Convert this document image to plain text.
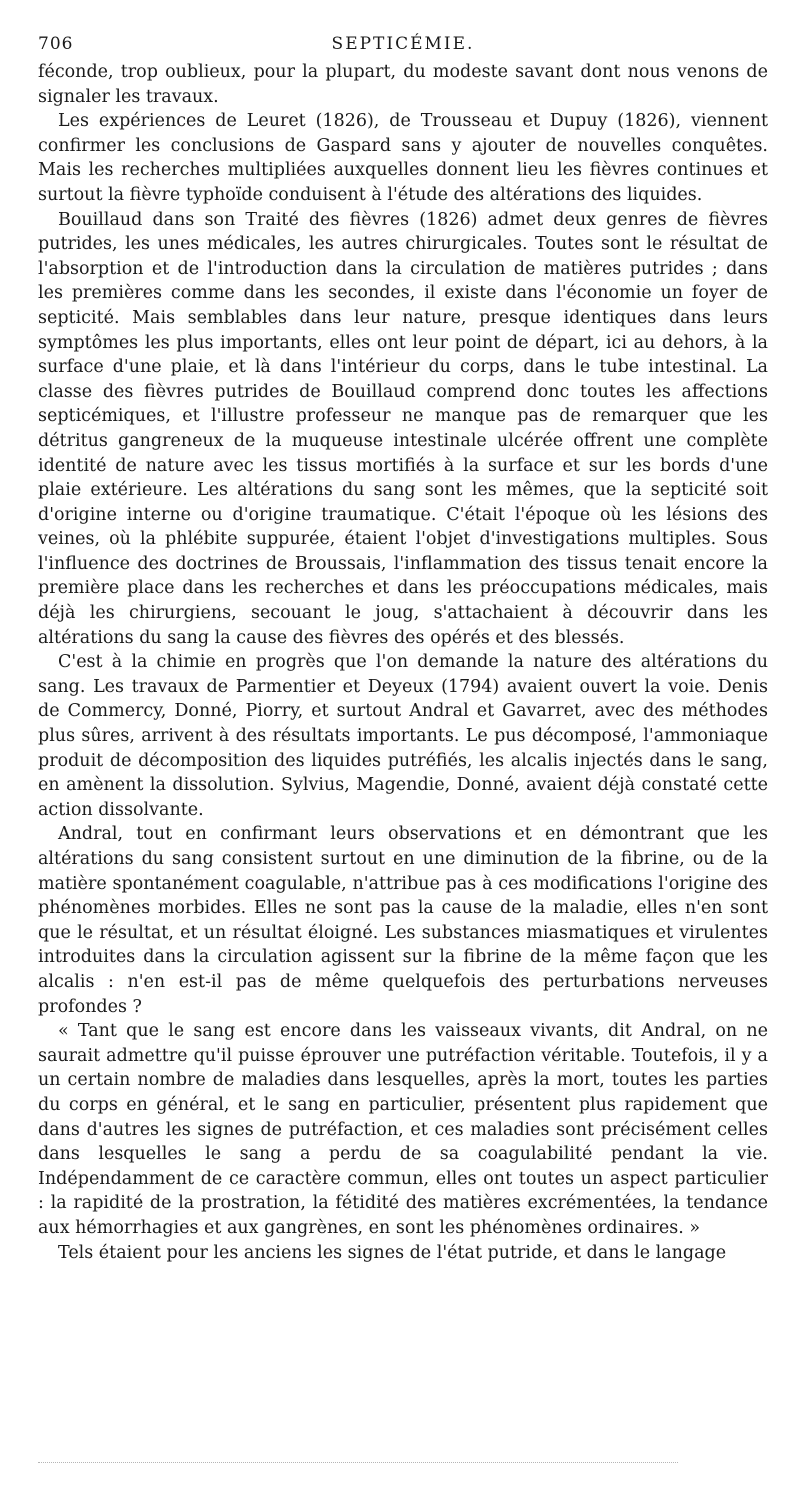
706	SEPTICÉMIE.

féconde, trop oublieux, pour la plupart, du modeste savant dont nous venons de signaler les travaux.

Les expériences de Leuret (1826), de Trousseau et Dupuy (1826), viennent confirmer les conclusions de Gaspard sans y ajouter de nouvelles conquêtes. Mais les recherches multipliées auxquelles donnent lieu les fièvres continues et surtout la fièvre typhoïde conduisent à l'étude des altérations des liquides.

Bouillaud dans son Traité des fièvres (1826) admet deux genres de fièvres putrides, les unes médicales, les autres chirurgicales. Toutes sont le résultat de l'absorption et de l'introduction dans la circulation de matières putrides ; dans les premières comme dans les secondes, il existe dans l'économie un foyer de septicité. Mais semblables dans leur nature, presque identiques dans leurs symptômes les plus importants, elles ont leur point de départ, ici au dehors, à la surface d'une plaie, et là dans l'intérieur du corps, dans le tube intestinal. La classe des fièvres putrides de Bouillaud comprend donc toutes les affections septicémiques, et l'illustre professeur ne manque pas de remarquer que les détritus gangreneux de la muqueuse intestinale ulcérée offrent une complète identité de nature avec les tissus mortifiés à la surface et sur les bords d'une plaie extérieure. Les altérations du sang sont les mêmes, que la septicité soit d'origine interne ou d'origine traumatique. C'était l'époque où les lésions des veines, où la phlébite suppurée, étaient l'objet d'investigations multiples. Sous l'influence des doctrines de Broussais, l'inflammation des tissus tenait encore la première place dans les recherches et dans les préoccupations médicales, mais déjà les chirurgiens, secouant le joug, s'attachaient à découvrir dans les altérations du sang la cause des fièvres des opérés et des blessés.

C'est à la chimie en progrès que l'on demande la nature des altérations du sang. Les travaux de Parmentier et Deyeux (1794) avaient ouvert la voie. Denis de Commercy, Donné, Piorry, et surtout Andral et Gavarret, avec des méthodes plus sûres, arrivent à des résultats importants. Le pus décomposé, l'ammoniaque produit de décomposition des liquides putréfiés, les alcalis injectés dans le sang, en amènent la dissolution. Sylvius, Magendie, Donné, avaient déjà constaté cette action dissolvante.

Andral, tout en confirmant leurs observations et en démontrant que les altérations du sang consistent surtout en une diminution de la fibrine, ou de la matière spontanément coagulable, n'attribue pas à ces modifications l'origine des phénomènes morbides. Elles ne sont pas la cause de la maladie, elles n'en sont que le résultat, et un résultat éloigné. Les substances miasmatiques et virulentes introduites dans la circulation agissent sur la fibrine de la même façon que les alcalis : n'en est-il pas de même quelquefois des perturbations nerveuses profondes ?

« Tant que le sang est encore dans les vaisseaux vivants, dit Andral, on ne saurait admettre qu'il puisse éprouver une putréfaction véritable. Toutefois, il y a un certain nombre de maladies dans lesquelles, après la mort, toutes les parties du corps en général, et le sang en particulier, présentent plus rapidement que dans d'autres les signes de putréfaction, et ces maladies sont précisément celles dans lesquelles le sang a perdu de sa coagulabilité pendant la vie. Indépendamment de ce caractère commun, elles ont toutes un aspect particulier : la rapidité de la prostration, la fétidité des matières excrémentées, la tendance aux hémorrhagies et aux gangrènes, en sont les phénomènes ordinaires. »

Tels étaient pour les anciens les signes de l'état putride, et dans le langage
